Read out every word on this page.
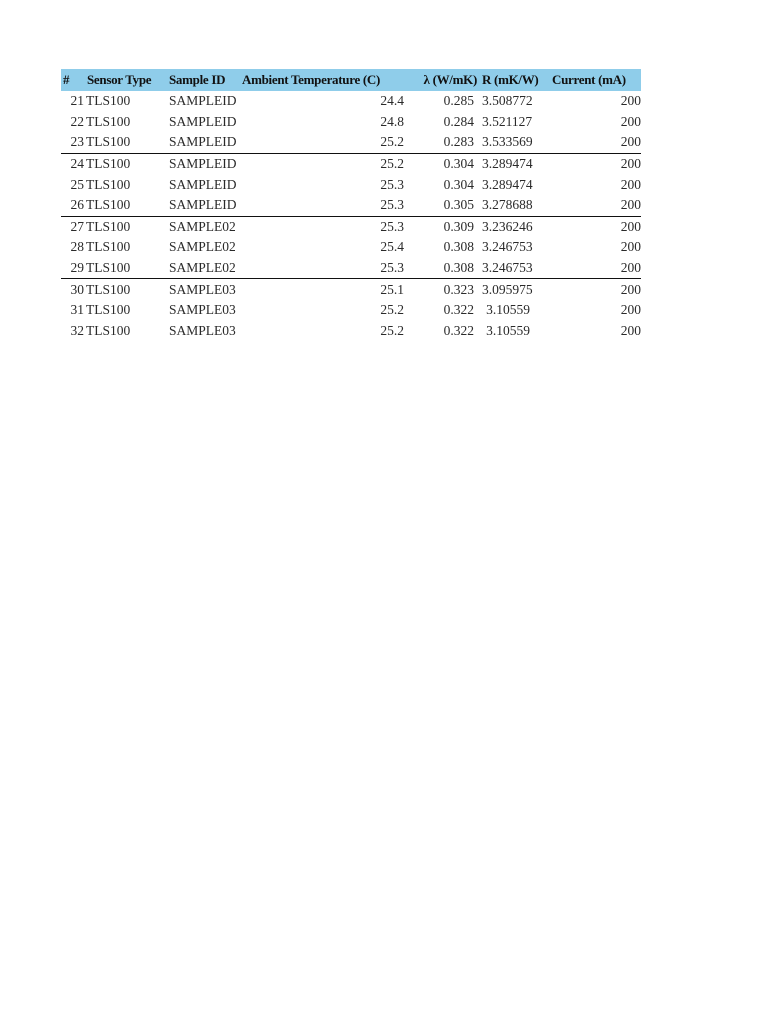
#	Sensor Type	Sample ID	Ambient Temperature (C)	λ (W/mK)	R (mK/W)	Current (mA)
21	TLS100	SAMPLEID	24.4	0.285	3.508772	200
22	TLS100	SAMPLEID	24.8	0.284	3.521127	200
23	TLS100	SAMPLEID	25.2	0.283	3.533569	200
24	TLS100	SAMPLEID	25.2	0.304	3.289474	200
25	TLS100	SAMPLEID	25.3	0.304	3.289474	200
26	TLS100	SAMPLEID	25.3	0.305	3.278688	200
27	TLS100	SAMPLE02	25.3	0.309	3.236246	200
28	TLS100	SAMPLE02	25.4	0.308	3.246753	200
29	TLS100	SAMPLE02	25.3	0.308	3.246753	200
30	TLS100	SAMPLE03	25.1	0.323	3.095975	200
31	TLS100	SAMPLE03	25.2	0.322	3.10559	200
32	TLS100	SAMPLE03	25.2	0.322	3.10559	200
